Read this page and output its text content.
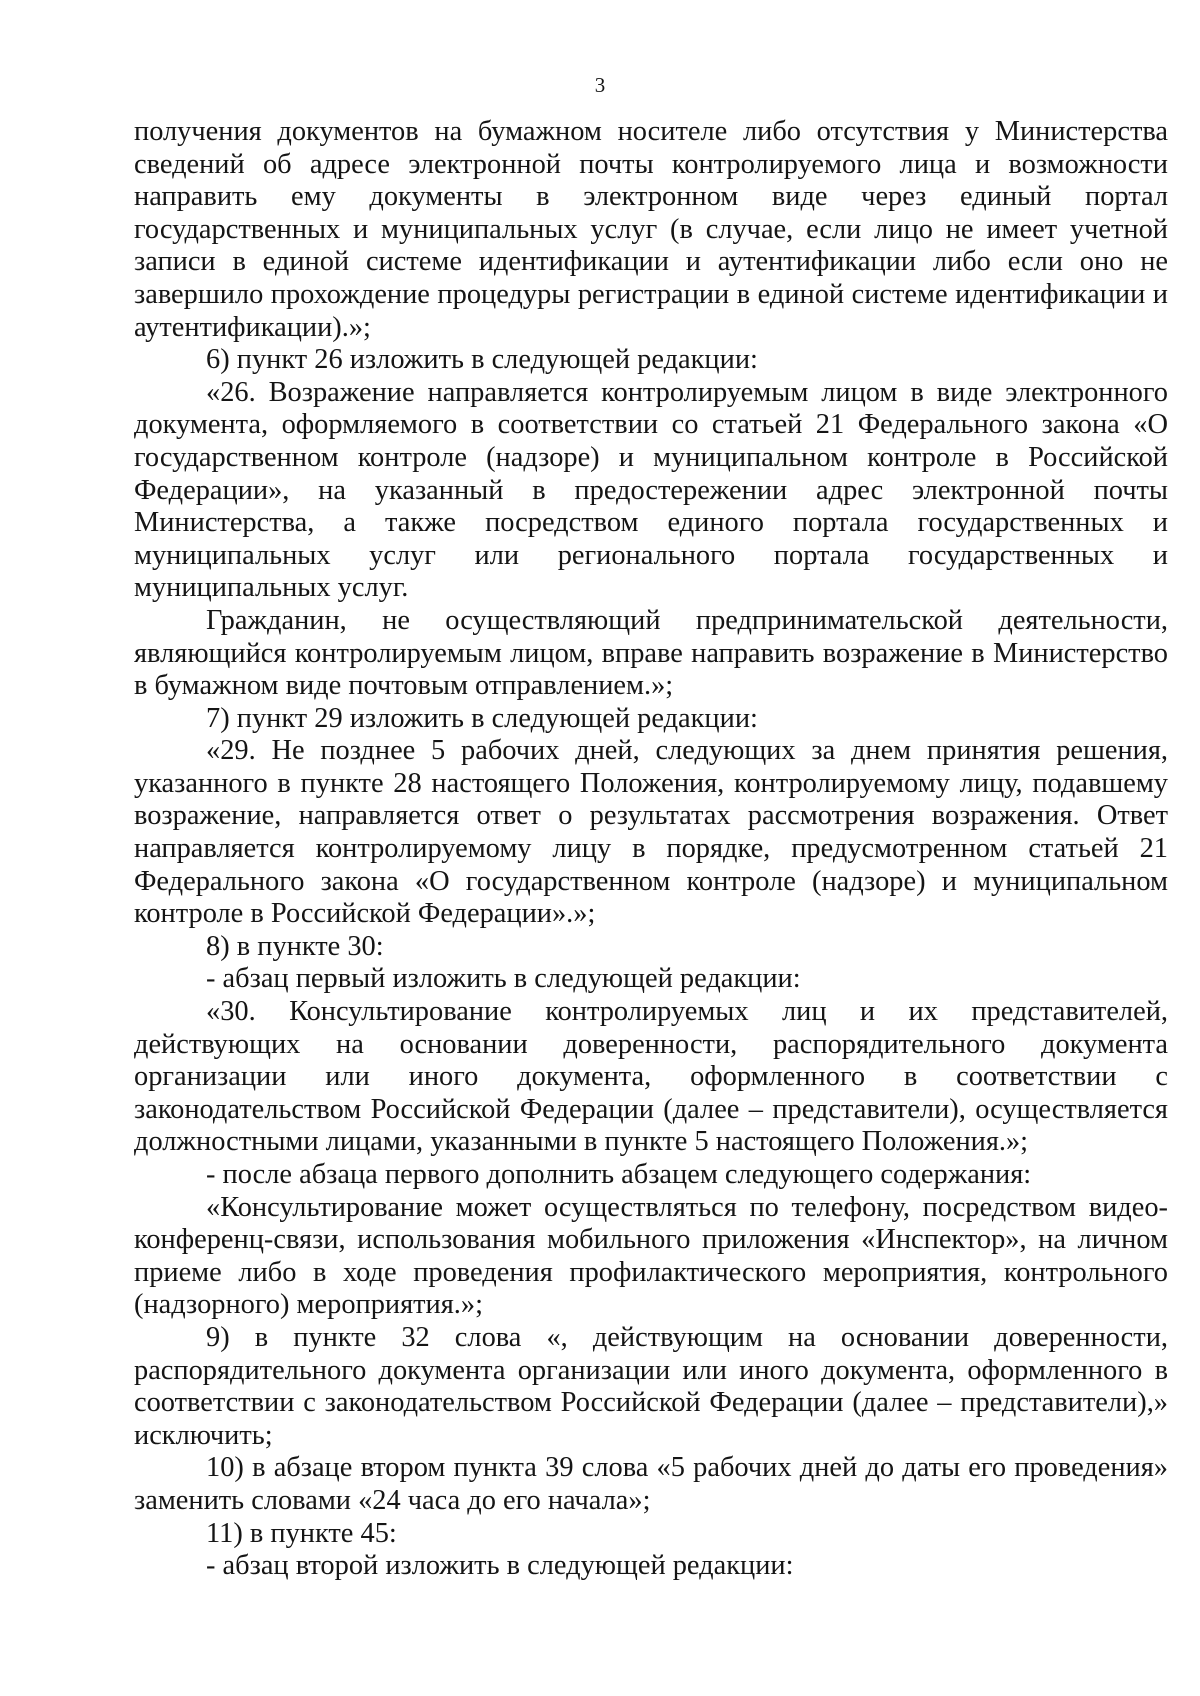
3

получения документов на бумажном носителе либо отсутствия у Министерства сведений об адресе электронной почты контролируемого лица и возможности направить ему документы в электронном виде через единый портал государственных и муниципальных услуг (в случае, если лицо не имеет учетной записи в единой системе идентификации и аутентификации либо если оно не завершило прохождение процедуры регистрации в единой системе идентификации и аутентификации).»;

6) пункт 26 изложить в следующей редакции:

«26. Возражение направляется контролируемым лицом в виде электронного документа, оформляемого в соответствии со статьей 21 Федерального закона «О государственном контроле (надзоре) и муниципальном контроле в Российской Федерации», на указанный в предостережении адрес электронной почты Министерства, а также посредством единого портала государственных и муниципальных услуг или регионального портала государственных и муниципальных услуг.

Гражданин, не осуществляющий предпринимательской деятельности, являющийся контролируемым лицом, вправе направить возражение в Министерство в бумажном виде почтовым отправлением.»;

7) пункт 29 изложить в следующей редакции:

«29. Не позднее 5 рабочих дней, следующих за днем принятия решения, указанного в пункте 28 настоящего Положения, контролируемому лицу, подавшему возражение, направляется ответ о результатах рассмотрения возражения. Ответ направляется контролируемому лицу в порядке, предусмотренном статьей 21 Федерального закона «О государственном контроле (надзоре) и муниципальном контроле в Российской Федерации».»;

8) в пункте 30:

- абзац первый изложить в следующей редакции:

«30. Консультирование контролируемых лиц и их представителей, действующих на основании доверенности, распорядительного документа организации или иного документа, оформленного в соответствии с законодательством Российской Федерации (далее – представители), осуществляется должностными лицами, указанными в пункте 5 настоящего Положения.»;

- после абзаца первого дополнить абзацем следующего содержания:

«Консультирование может осуществляться по телефону, посредством видео-конференц-связи, использования мобильного приложения «Инспектор», на личном приеме либо в ходе проведения профилактического мероприятия, контрольного (надзорного) мероприятия.»;

9) в пункте 32 слова «, действующим на основании доверенности, распорядительного документа организации или иного документа, оформленного в соответствии с законодательством Российской Федерации (далее – представители),» исключить;

10) в абзаце втором пункта 39 слова «5 рабочих дней до даты его проведения» заменить словами «24 часа до его начала»;

11) в пункте 45:

- абзац второй изложить в следующей редакции:
